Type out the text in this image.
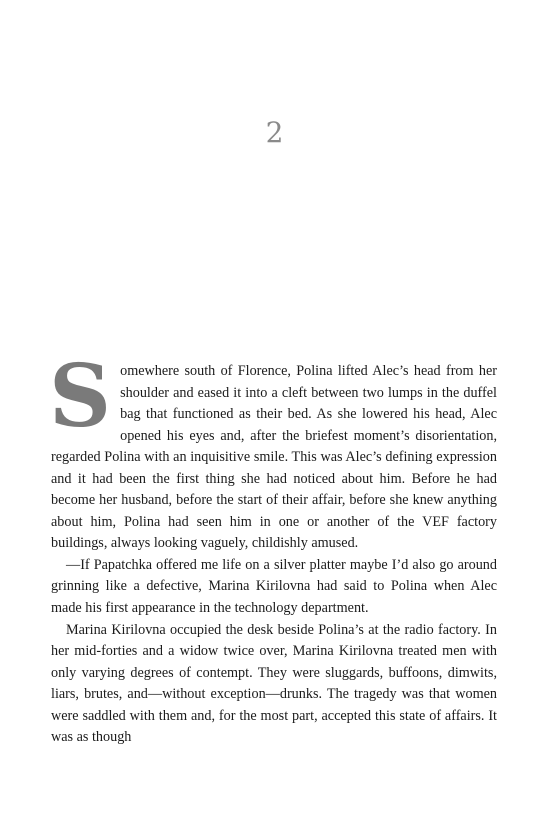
2

Somewhere south of Florence, Polina lifted Alec’s head from her shoulder and eased it into a cleft between two lumps in the duffel bag that functioned as their bed. As she lowered his head, Alec opened his eyes and, after the briefest moment’s disorientation, regarded Polina with an inquisitive smile. This was Alec’s defining expression and it had been the first thing she had noticed about him. Before he had become her husband, before the start of their affair, before she knew anything about him, Polina had seen him in one or another of the VEF factory buildings, always looking vaguely, childishly amused.

—If Papatchka offered me life on a silver platter maybe I’d also go around grinning like a defective, Marina Kirilovna had said to Polina when Alec made his first appearance in the technology department.

Marina Kirilovna occupied the desk beside Polina’s at the radio factory. In her mid-forties and a widow twice over, Marina Kirilovna treated men with only varying degrees of contempt. They were sluggards, buffoons, dimwits, liars, brutes, and—without exception—drunks. The tragedy was that women were saddled with them and, for the most part, accepted this state of affairs. It was as though
